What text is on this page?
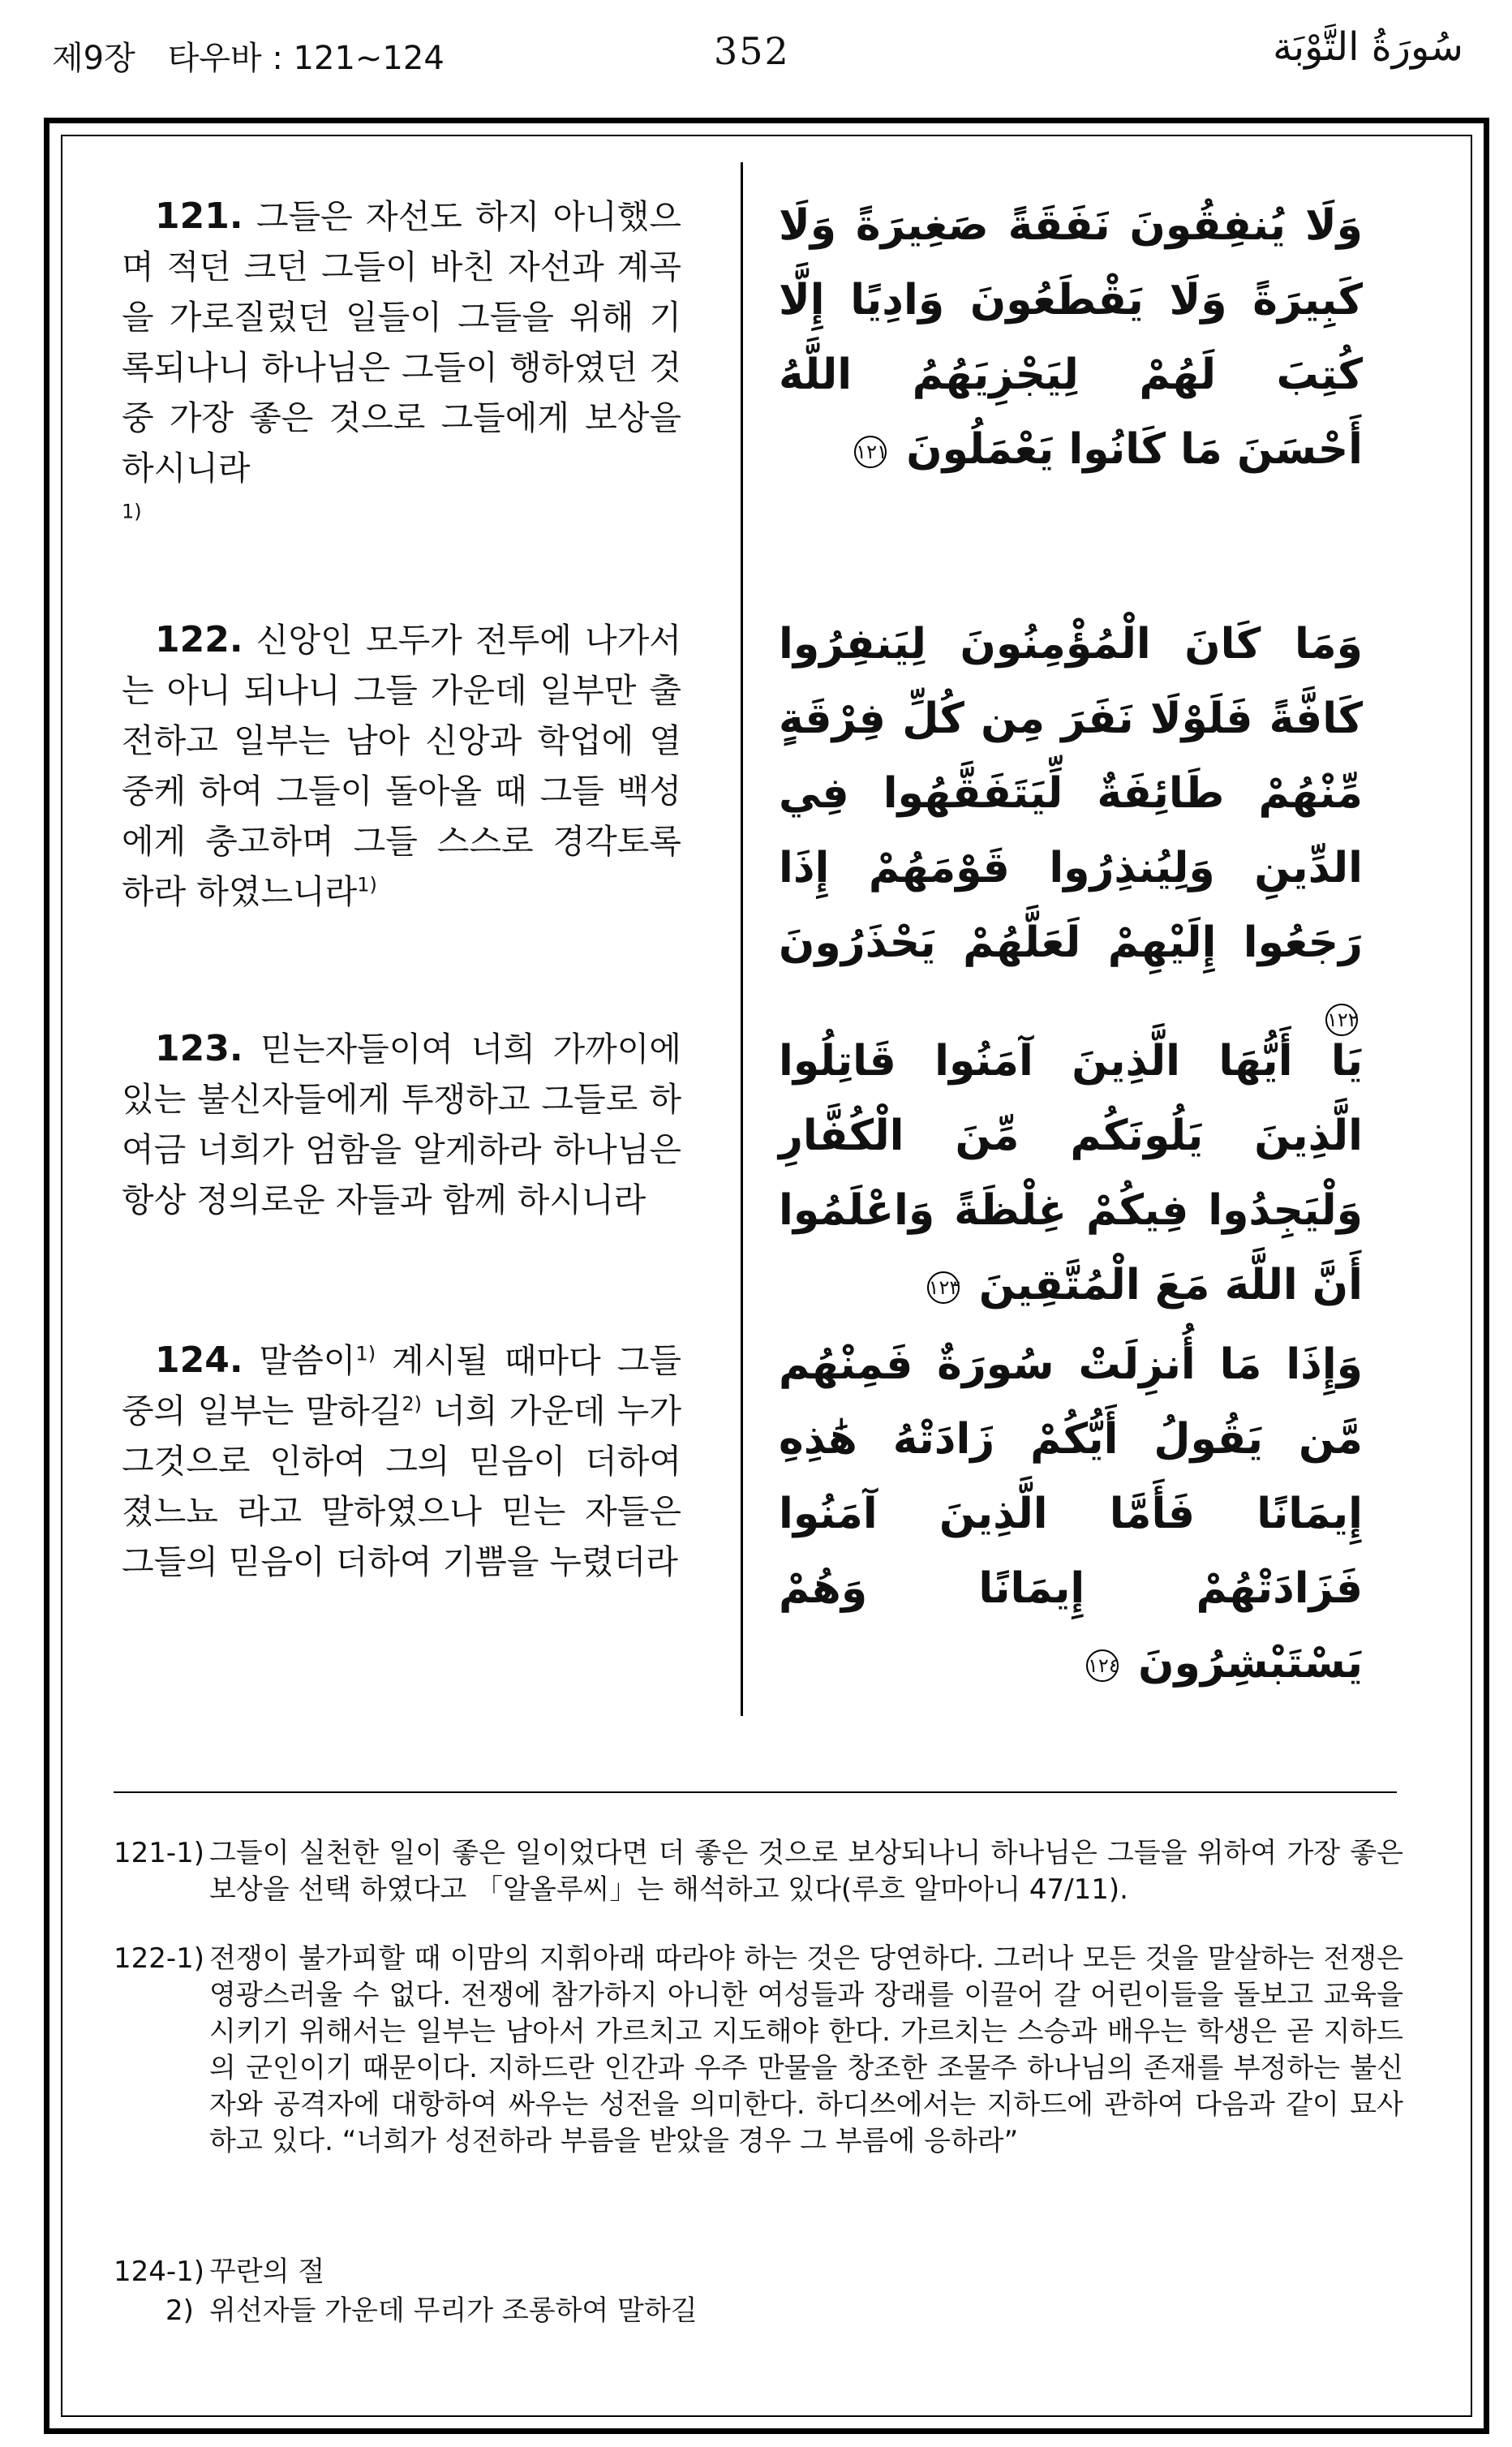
제9장　타우바 : 121∼124	352	سُورَةُ التَّوْبَة
 121. 그들은 자선도 하지 아니했으며 적던 크던 그들이 바친 자선과 계곡을 가로질렀던 일들이 그들을 위해 기록되나니 하나님은 그들이 행하였던 것 중 가장 좋은 것으로 그들에게 보상을 하시니라
$^{1)}$
وَلَا يُنفِقُونَ نَفَقَةً صَغِيرَةً وَلَا كَبِيرَةً وَلَا يَقْطَعُونَ وَادِيًا إِلَّا كُتِبَ لَهُمْ لِيَجْزِيَهُمُ اللَّهُ أَحْسَنَ مَا كَانُوا يَعْمَلُونَ ١٢١
 122. 신앙인 모두가 전투에 나가서는 아니 되나니 그들 가운데 일부만 출전하고 일부는 남아 신앙과 학업에 열중케 하여 그들이 돌아올 때 그들 백성에게 충고하며 그들 스스로 경각토록 하라 하였느니라$^{1)}$
وَمَا كَانَ الْمُؤْمِنُونَ لِيَنفِرُوا كَافَّةً فَلَوْلَا نَفَرَ مِن كُلِّ فِرْقَةٍ مِّنْهُمْ طَائِفَةٌ لِّيَتَفَقَّهُوا فِي الدِّينِ وَلِيُنذِرُوا قَوْمَهُمْ إِذَا رَجَعُوا إِلَيْهِمْ لَعَلَّهُمْ يَحْذَرُونَ ١٢٢
 123. 믿는자들이여 너희 가까이에 있는 불신자들에게 투쟁하고 그들로 하여금 너희가 엄함을 알게하라 하나님은 항상 정의로운 자들과 함께 하시니라
يَا أَيُّهَا الَّذِينَ آمَنُوا قَاتِلُوا الَّذِينَ يَلُونَكُم مِّنَ الْكُفَّارِ وَلْيَجِدُوا فِيكُمْ غِلْظَةً وَاعْلَمُوا أَنَّ اللَّهَ مَعَ الْمُتَّقِينَ ١٢٣
 124. 말씀이$^{1)}$ 계시될 때마다 그들 중의 일부는 말하길$^{2)}$ 너희 가운데 누가 그것으로 인하여 그의 믿음이 더하여 졌느뇨 라고 말하였으나 믿는 자들은 그들의 믿음이 더하여 기쁨을 누렸더라
وَإِذَا مَا أُنزِلَتْ سُورَةٌ فَمِنْهُم مَّن يَقُولُ أَيُّكُمْ زَادَتْهُ هَٰذِهِ إِيمَانًا فَأَمَّا الَّذِينَ آمَنُوا فَزَادَتْهُمْ إِيمَانًا وَهُمْ يَسْتَبْشِرُونَ ١٢٤
121-1) 그들이 실천한 일이 좋은 일이었다면 더 좋은 것으로 보상되나니 하나님은 그들을 위하여 가장 좋은 보상을 선택 하였다고 「알올루씨」는 해석하고 있다(루흐 알마아니 47/11).
122-1) 전쟁이 불가피할 때 이맘의 지휘아래 따라야 하는 것은 당연하다. 그러나 모든 것을 말살하는 전쟁은 영광스러울 수 없다. 전쟁에 참가하지 아니한 여성들과 장래를 이끌어 갈 어린이들을 돌보고 교육을 시키기 위해서는 일부는 남아서 가르치고 지도해야 한다. 가르치는 스승과 배우는 학생은 곧 지하드의 군인이기 때문이다. 지하드란 인간과 우주 만물을 창조한 조물주 하나님의 존재를 부정하는 불신자와 공격자에 대항하여 싸우는 성전을 의미한다. 하디쓰에서는 지하드에 관하여 다음과 같이 묘사하고 있다. “너희가 성전하라 부름을 받았을 경우 그 부름에 응하라”
124-1) 꾸란의 절
2) 위선자들 가운데 무리가 조롱하여 말하길
